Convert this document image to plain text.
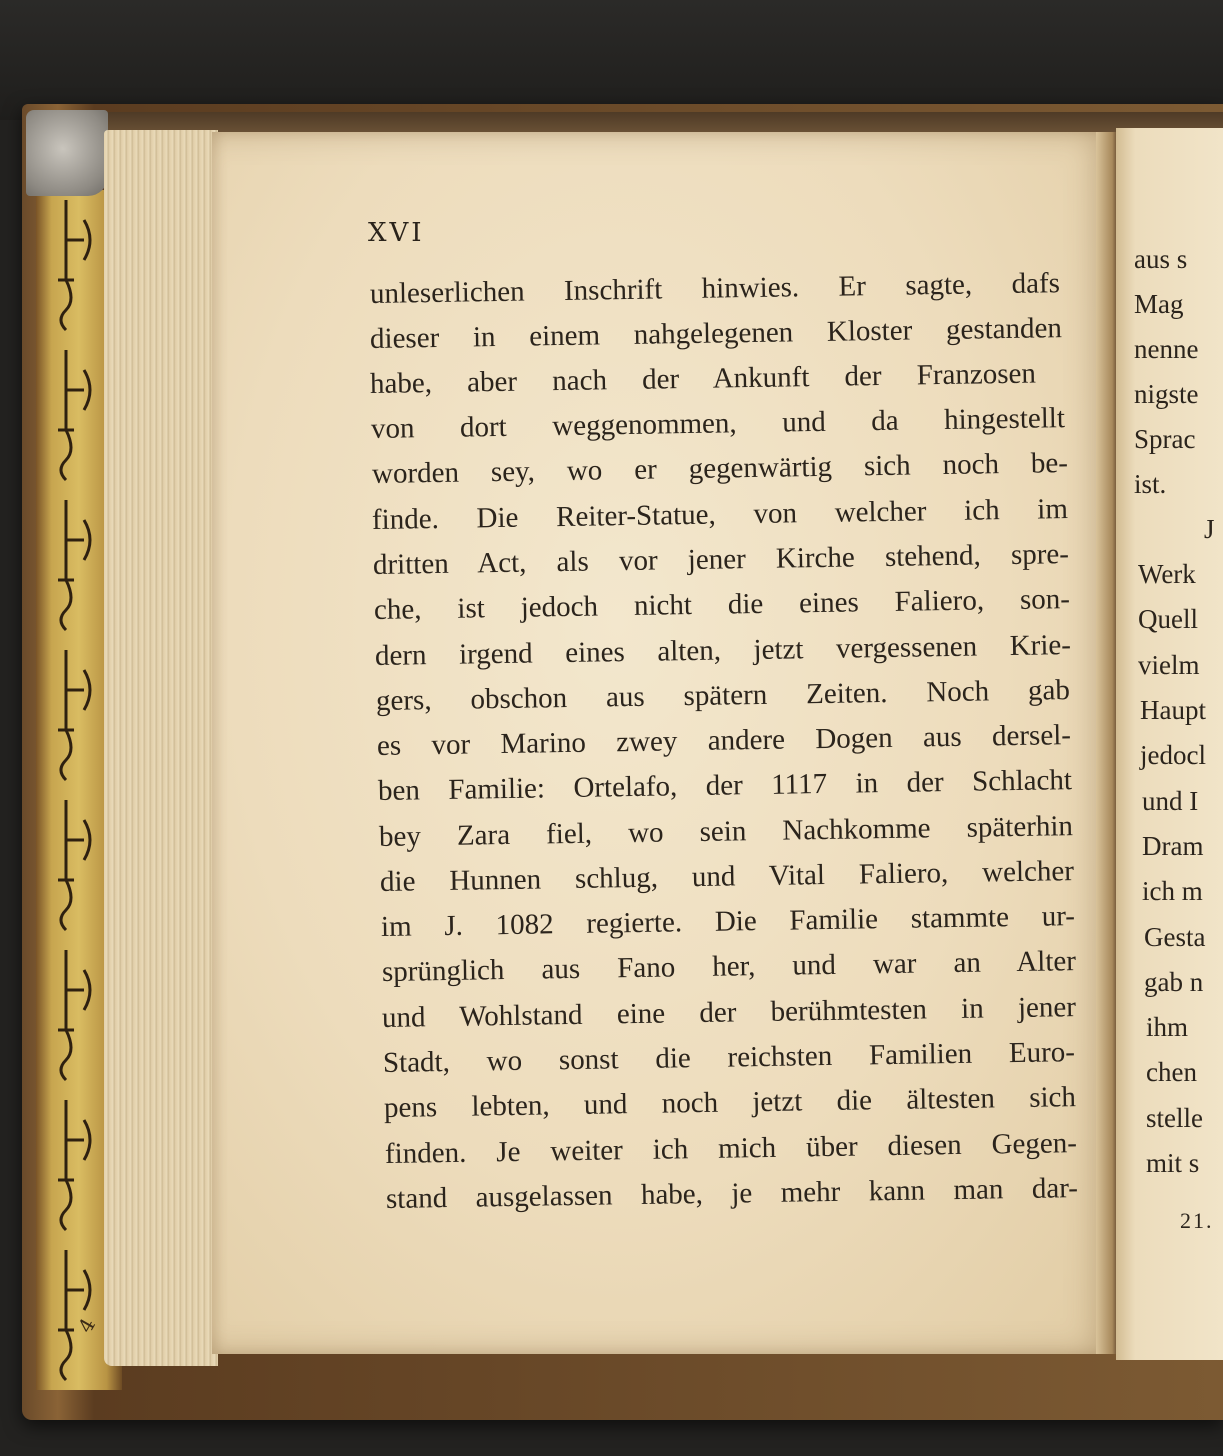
4
XVI
unleserlichen Inschrift hinwies. Er sagte, dafs
dieser in einem nahgelegenen Kloster gestanden
habe, aber nach der Ankunft der Franzosen
von dort weggenommen, und da hingestellt
worden sey, wo er gegenwärtig sich noch be-
finde. Die Reiter-Statue, von welcher ich im
dritten Act, als vor jener Kirche stehend, spre-
che, ist jedoch nicht die eines Faliero, son-
dern irgend eines alten, jetzt vergessenen Krie-
gers, obschon aus spätern Zeiten. Noch gab
es vor Marino zwey andere Dogen aus dersel-
ben Familie: Ortelafo, der 1117 in der Schlacht
bey Zara fiel, wo sein Nachkomme späterhin
die Hunnen schlug, und Vital Faliero, welcher
im J. 1082 regierte. Die Familie stammte ur-
sprünglich aus Fano her, und war an Alter
und Wohlstand eine der berühmtesten in jener
Stadt, wo sonst die reichsten Familien Euro-
pens lebten, und noch jetzt die ältesten sich
finden. Je weiter ich mich über diesen Gegen-
stand ausgelassen habe, je mehr kann man dar-
aus s
Mag
nenne
nigste
Sprac
ist.
J
Werk
Quell
vielm
Haupt
jedocl
und I
Dram
ich m
Gesta
gab n
ihm
chen
stelle
mit s
21.
